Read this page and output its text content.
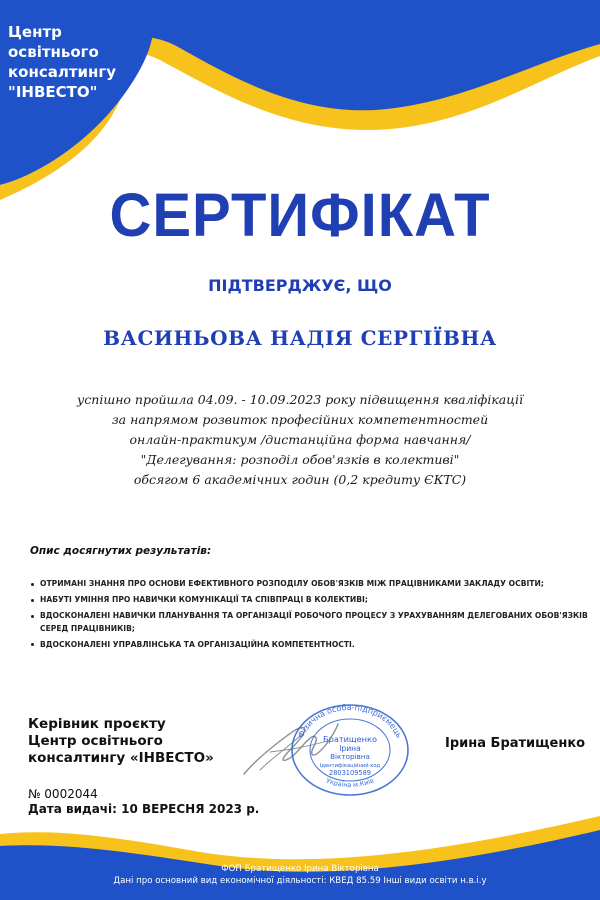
Центр
освітнього
консалтингу
"ІНВЕСТО"
СЕРТИФІКАТ
ПІДТВЕРДЖУЄ, ЩО
ВАСИНЬОВА НАДІЯ СЕРГІЇВНА
успішно пройшла 04.09. - 10.09.2023 року підвищення кваліфікації
за напрямом розвиток професійних компетентностей
онлайн-практикум /дистанційна форма навчання/
"Делегування: розподіл обов'язків в колективі"
обсягом 6 академічних годин (0,2 кредиту ЄКТС)
Опис досягнутих результатів:
ОТРИМАНІ ЗНАННЯ ПРО ОСНОВИ ЕФЕКТИВНОГО РОЗПОДІЛУ ОБОВ'ЯЗКІВ МІЖ ПРАЦІВНИКАМИ ЗАКЛАДУ ОСВІТИ;
НАБУТІ УМІННЯ ПРО НАВИЧКИ КОМУНІКАЦІЇ ТА СПІВПРАЦІ В КОЛЕКТИВІ;
ВДОСКОНАЛЕНІ НАВИЧКИ ПЛАНУВАННЯ ТА ОРГАНІЗАЦІЇ РОБОЧОГО ПРОЦЕСУ З УРАХУВАННЯМ ДЕЛЕГОВАНИХ ОБОВ'ЯЗКІВ СЕРЕД ПРАЦІВНИКІВ;
ВДОСКОНАЛЕНІ УПРАВЛІНСЬКА ТА ОРГАНІЗАЦІЙНА КОМПЕТЕНТНОСТІ.
Керівник проєкту
Центр освітнього
консалтингу «ІНВЕСТО»
Фізична особа-підприємець
Україна м.Київ
Братищенко
Ірина
Вікторівна
Ідентифікаційний код
2803109589
Ірина Братищенко
№ 0002044
Дата видачі: 10 ВЕРЕСНЯ 2023 р.
ФОП Братищенко Ірина Вікторівна
Дані про основний вид економічної діяльності: КВЕД 85.59 Інші види освіти н.в.і.у
